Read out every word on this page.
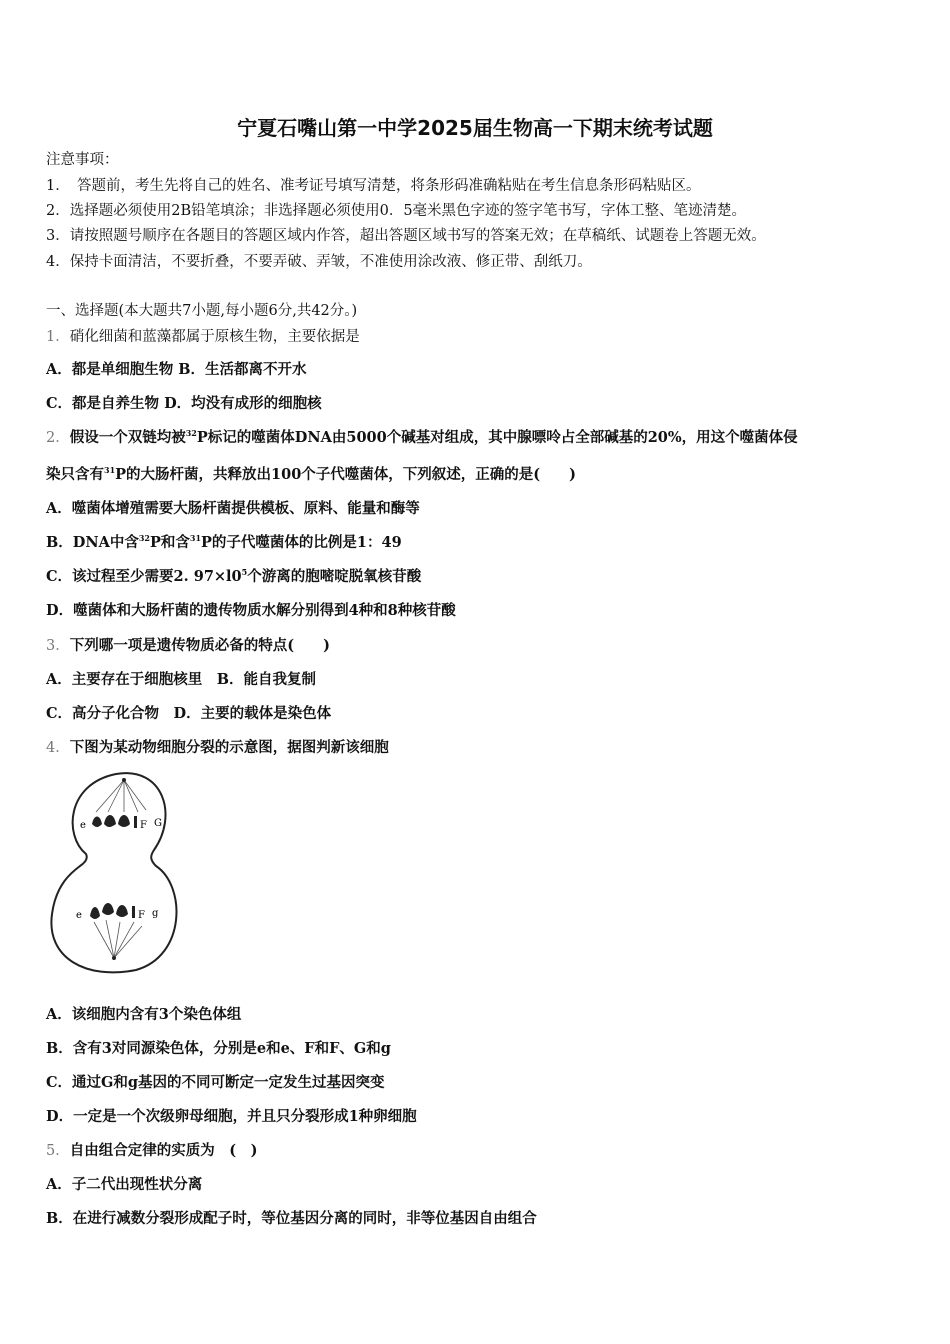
宁夏石嘴山第一中学2025届生物高一下期末统考试题
注意事项：
1．　答题前，考生先将自己的姓名、准考证号填写清楚，将条形码准确粘贴在考生信息条形码粘贴区。
2．选择题必须使用2B铅笔填涂；非选择题必须使用0．5毫米黑色字迹的签字笔书写，字体工整、笔迹清楚。
3．请按照题号顺序在各题目的答题区域内作答，超出答题区域书写的答案无效；在草稿纸、试题卷上答题无效。
4．保持卡面清洁，不要折叠，不要弄破、弄皱，不准使用涂改液、修正带、刮纸刀。
一、选择题(本大题共7小题,每小题6分,共42分。)
1．硝化细菌和蓝藻都属于原核生物，主要依据是
A．都是单细胞生物 B．生活都离不开水
C．都是自养生物 D．均没有成形的细胞核
2．假设一个双链均被$^{32}$P标记的噬菌体DNA由5000个碱基对组成，其中腺嘌呤占全部碱基的20%，用这个噬菌体侵
染只含有$^{31}$P的大肠杆菌，共释放出100个子代噬菌体，下列叙述，正确的是(　　)
A．噬菌体增殖需要大肠杆菌提供模板、原料、能量和酶等
B．DNA中含$^{32}$P和含$^{31}$P的子代噬菌体的比例是1：49
C．该过程至少需要2. $97\times l0^5$个游离的胞嘧啶脱氧核苷酸
D．噬菌体和大肠杆菌的遗传物质水解分别得到4种和8种核苷酸
3．下列哪一项是遗传物质必备的特点(　　)
A．主要存在于细胞核里　B．能自我复制
C．高分子化合物　D．主要的载体是染色体
4．下图为某动物细胞分裂的示意图，据图判新该细胞
e	F G
e	F g
A．该细胞内含有3个染色体组
B．含有3对同源染色体，分别是e和e、F和F、G和g
C．通过G和g基因的不同可断定一定发生过基因突变
D．一定是一个次级卵母细胞，并且只分裂形成1种卵细胞
5．自由组合定律的实质为　(　)
A．子二代出现性状分离
B．在进行减数分裂形成配子时，等位基因分离的同时，非等位基因自由组合
